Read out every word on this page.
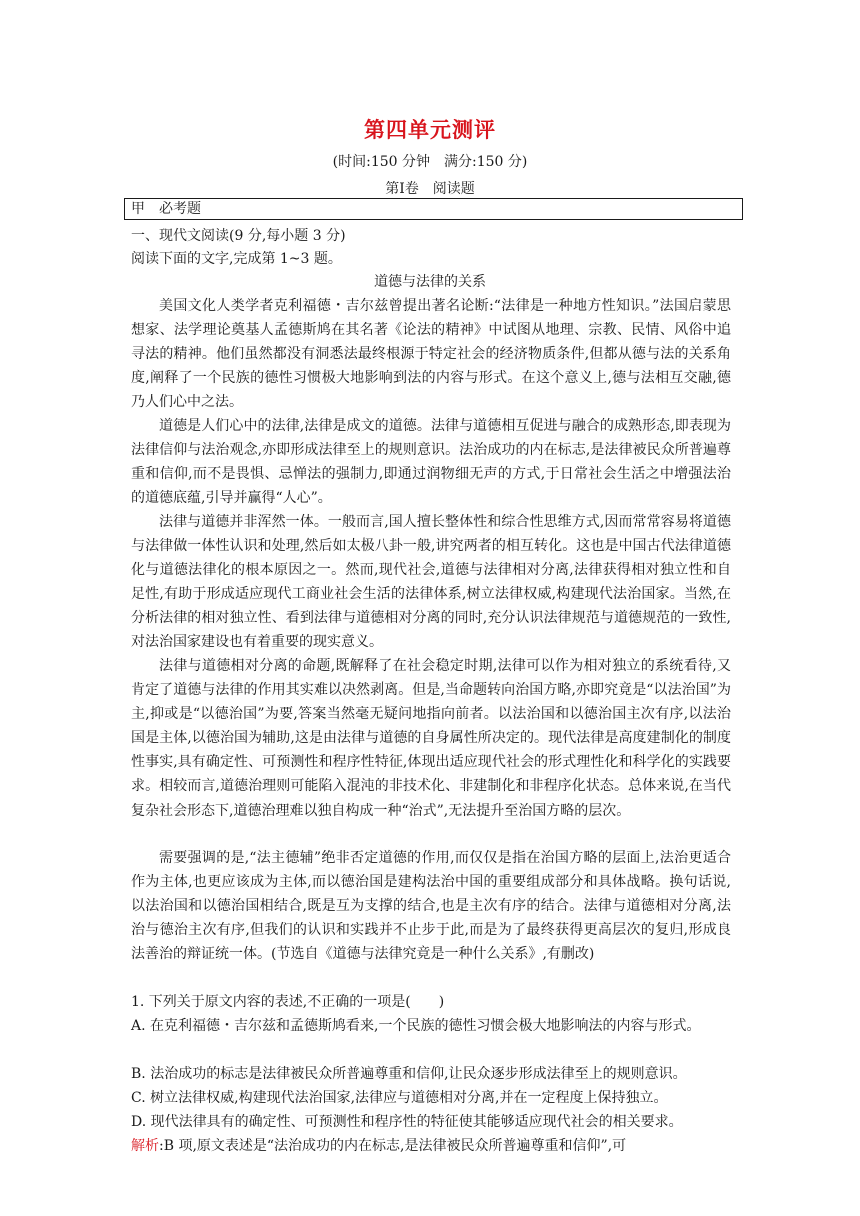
第四单元测评
(时间:150 分钟　满分:150 分)
第Ⅰ卷　阅读题
甲　必考题
一、现代文阅读(9 分,每小题 3 分)
阅读下面的文字,完成第 1~3 题。
道德与法律的关系

美国文化人类学者克利福德・吉尔兹曾提出著名论断:“法律是一种地方性知识。”法国启蒙思想家、法学理论奠基人孟德斯鸠在其名著《论法的精神》中试图从地理、宗教、民情、风俗中追寻法的精神。他们虽然都没有洞悉法最终根源于特定社会的经济物质条件,但都从德与法的关系角度,阐释了一个民族的德性习惯极大地影响到法的内容与形式。在这个意义上,德与法相互交融,德乃人们心中之法。

道德是人们心中的法律,法律是成文的道德。法律与道德相互促进与融合的成熟形态,即表现为法律信仰与法治观念,亦即形成法律至上的规则意识。法治成功的内在标志,是法律被民众所普遍尊重和信仰,而不是畏惧、忌惮法的强制力,即通过润物细无声的方式,于日常社会生活之中增强法治的道德底蕴,引导并赢得“人心”。

法律与道德并非浑然一体。一般而言,国人擅长整体性和综合性思维方式,因而常常容易将道德与法律做一体性认识和处理,然后如太极八卦一般,讲究两者的相互转化。这也是中国古代法律道德化与道德法律化的根本原因之一。然而,现代社会,道德与法律相对分离,法律获得相对独立性和自足性,有助于形成适应现代工商业社会生活的法律体系,树立法律权威,构建现代法治国家。当然,在分析法律的相对独立性、看到法律与道德相对分离的同时,充分认识法律规范与道德规范的一致性,对法治国家建设也有着重要的现实意义。

法律与道德相对分离的命题,既解释了在社会稳定时期,法律可以作为相对独立的系统看待,又肯定了道德与法律的作用其实难以决然剥离。但是,当命题转向治国方略,亦即究竟是“以法治国”为主,抑或是“以德治国”为要,答案当然毫无疑问地指向前者。以法治国和以德治国主次有序,以法治国是主体,以德治国为辅助,这是由法律与道德的自身属性所决定的。现代法律是高度建制化的制度性事实,具有确定性、可预测性和程序性特征,体现出适应现代社会的形式理性化和科学化的实践要求。相较而言,道德治理则可能陷入混沌的非技术化、非建制化和非程序化状态。总体来说,在当代复杂社会形态下,道德治理难以独自构成一种“治式”,无法提升至治国方略的层次。

需要强调的是,“法主德辅”绝非否定道德的作用,而仅仅是指在治国方略的层面上,法治更适合作为主体,也更应该成为主体,而以德治国是建构法治中国的重要组成部分和具体战略。换句话说,以法治国和以德治国相结合,既是互为支撑的结合,也是主次有序的结合。法律与道德相对分离,法治与德治主次有序,但我们的认识和实践并不止步于此,而是为了最终获得更高层次的复归,形成良法善治的辩证统一体。(节选自《道德与法律究竟是一种什么关系》,有删改)

1. 下列关于原文内容的表述,不正确的一项是(　　)

A. 在克利福德・吉尔兹和孟德斯鸠看来,一个民族的德性习惯会极大地影响法的内容与形式。

B. 法治成功的标志是法律被民众所普遍尊重和信仰,让民众逐步形成法律至上的规则意识。

C. 树立法律权威,构建现代法治国家,法律应与道德相对分离,并在一定程度上保持独立。

D. 现代法律具有的确定性、可预测性和程序性的特征使其能够适应现代社会的相关要求。

解析:B 项,原文表述是“法治成功的内在标志,是法律被民众所普遍尊重和信仰”,可
